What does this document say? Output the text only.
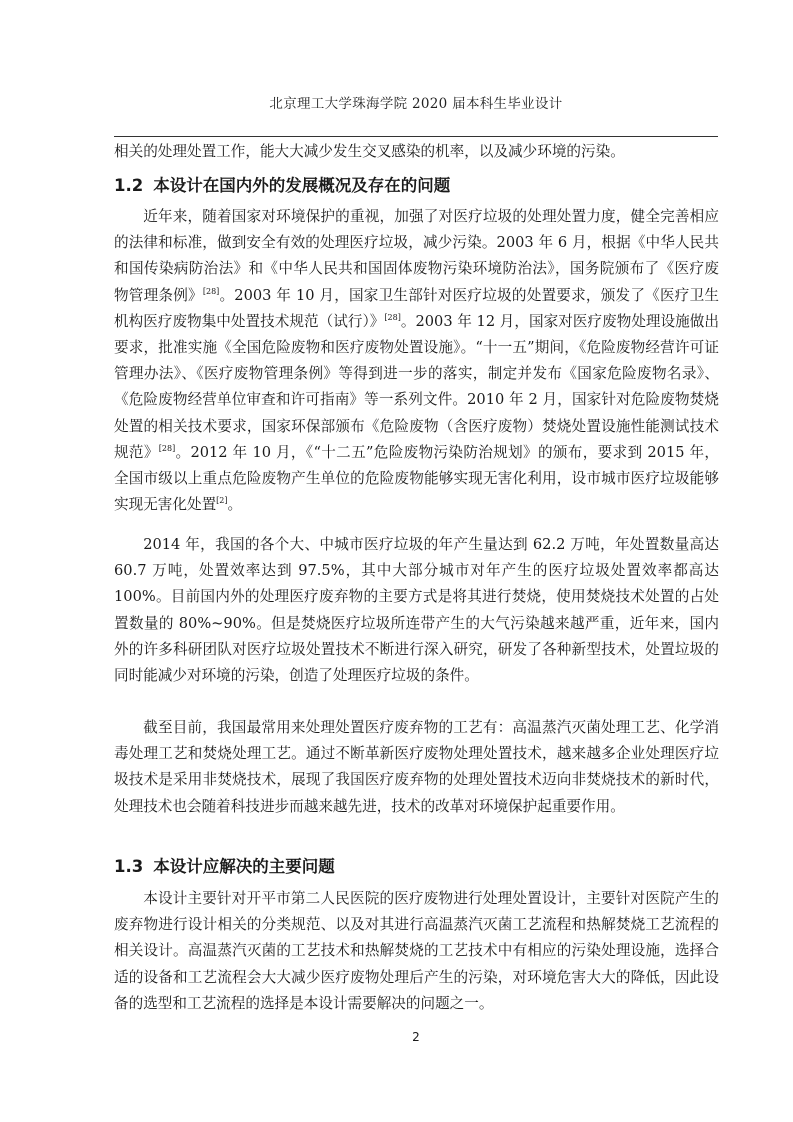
北京理工大学珠海学院 2020 届本科生毕业设计

相关的处理处置工作，能大大减少发生交叉感染的机率，以及减少环境的污染。

1.2 本设计在国内外的发展概况及存在的问题

近年来，随着国家对环境保护的重视，加强了对医疗垃圾的处理处置力度，健全完善相应的法律和标准，做到安全有效的处理医疗垃圾，减少污染。2003 年 6 月，根据《中华人民共和国传染病防治法》和《中华人民共和国固体废物污染环境防治法》，国务院颁布了《医疗废物管理条例》[28]。2003 年 10 月，国家卫生部针对医疗垃圾的处置要求，颁发了《医疗卫生机构医疗废物集中处置技术规范（试行）》[28]。2003 年 12 月，国家对医疗废物处理设施做出要求，批准实施《全国危险废物和医疗废物处置设施》。“十一五”期间，《危险废物经营许可证管理办法》、《医疗废物管理条例》等得到进一步的落实，制定并发布《国家危险废物名录》、《危险废物经营单位审查和许可指南》等一系列文件。2010 年 2 月，国家针对危险废物焚烧处置的相关技术要求，国家环保部颁布《危险废物（含医疗废物）焚烧处置设施性能测试技术规范》[28]。2012 年 10 月，《“十二五”危险废物污染防治规划》的颁布，要求到 2015 年，全国市级以上重点危险废物产生单位的危险废物能够实现无害化利用，设市城市医疗垃圾能够实现无害化处置[2]。

2014 年，我国的各个大、中城市医疗垃圾的年产生量达到 62.2 万吨，年处置数量高达 60.7 万吨，处置效率达到 97.5%，其中大部分城市对年产生的医疗垃圾处置效率都高达 100%。目前国内外的处理医疗废弃物的主要方式是将其进行焚烧，使用焚烧技术处置的占处置数量的 80%~90%。但是焚烧医疗垃圾所连带产生的大气污染越来越严重，近年来，国内外的许多科研团队对医疗垃圾处置技术不断进行深入研究，研发了各种新型技术，处置垃圾的同时能减少对环境的污染，创造了处理医疗垃圾的条件。

截至目前，我国最常用来处理处置医疗废弃物的工艺有：高温蒸汽灭菌处理工艺、化学消毒处理工艺和焚烧处理工艺。通过不断革新医疗废物处理处置技术，越来越多企业处理医疗垃圾技术是采用非焚烧技术，展现了我国医疗废弃物的处理处置技术迈向非焚烧技术的新时代，处理技术也会随着科技进步而越来越先进，技术的改革对环境保护起重要作用。

1.3 本设计应解决的主要问题

本设计主要针对开平市第二人民医院的医疗废物进行处理处置设计，主要针对医院产生的废弃物进行设计相关的分类规范、以及对其进行高温蒸汽灭菌工艺流程和热解焚烧工艺流程的相关设计。高温蒸汽灭菌的工艺技术和热解焚烧的工艺技术中有相应的污染处理设施，选择合适的设备和工艺流程会大大减少医疗废物处理后产生的污染，对环境危害大大的降低，因此设备的选型和工艺流程的选择是本设计需要解决的问题之一。

2
